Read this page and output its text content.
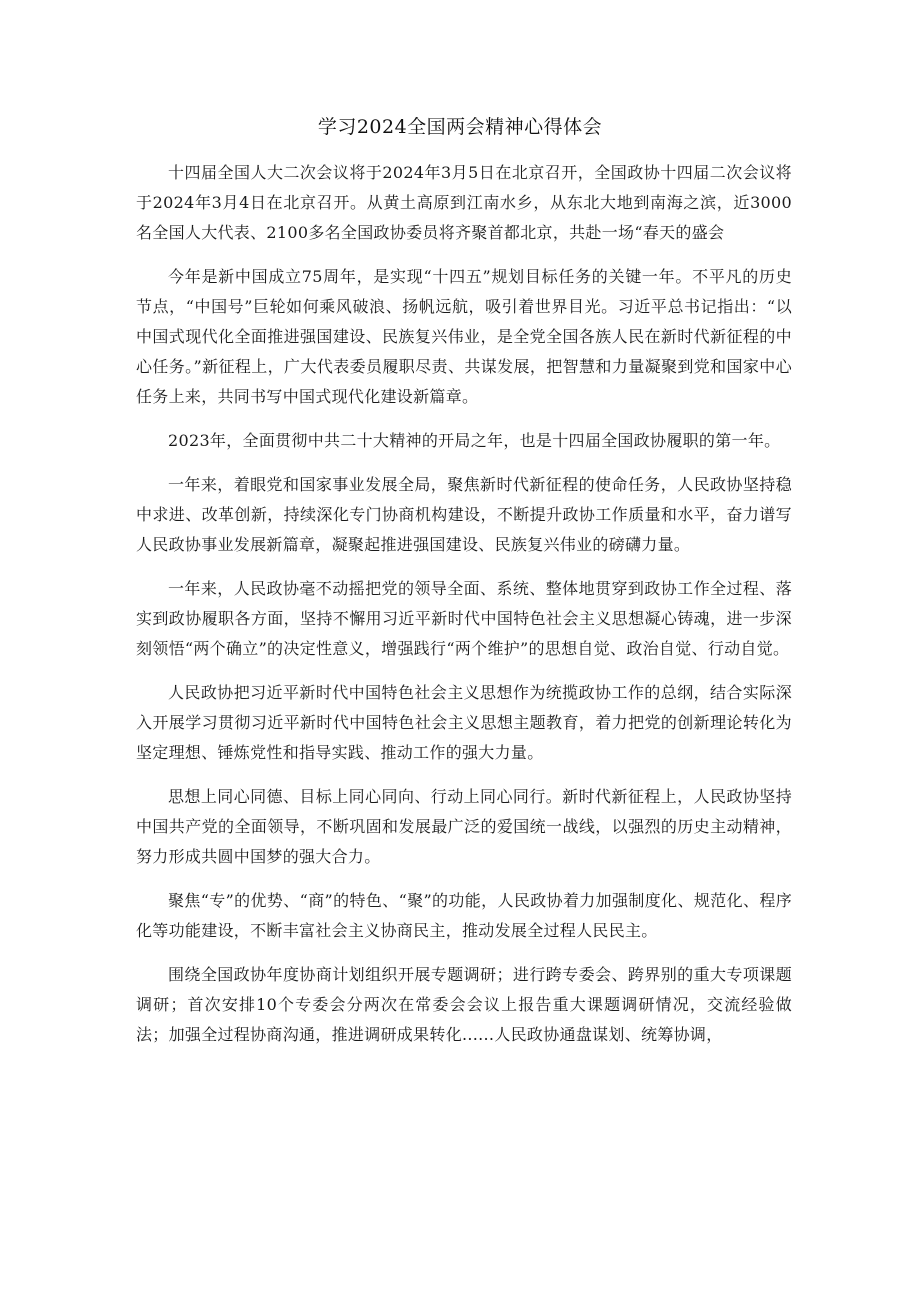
学习2024全国两会精神心得体会

十四届全国人大二次会议将于2024年3月5日在北京召开，全国政协十四届二次会议将于2024年3月4日在北京召开。从黄土高原到江南水乡，从东北大地到南海之滨，近3000名全国人大代表、2100多名全国政协委员将齐聚首都北京，共赴一场“春天的盛会

今年是新中国成立75周年，是实现“十四五”规划目标任务的关键一年。不平凡的历史节点，“中国号”巨轮如何乘风破浪、扬帆远航，吸引着世界目光。习近平总书记指出：“以中国式现代化全面推进强国建设、民族复兴伟业，是全党全国各族人民在新时代新征程的中心任务。”新征程上，广大代表委员履职尽责、共谋发展，把智慧和力量凝聚到党和国家中心任务上来，共同书写中国式现代化建设新篇章。

2023年，全面贯彻中共二十大精神的开局之年，也是十四届全国政协履职的第一年。

一年来，着眼党和国家事业发展全局，聚焦新时代新征程的使命任务，人民政协坚持稳中求进、改革创新，持续深化专门协商机构建设，不断提升政协工作质量和水平，奋力谱写人民政协事业发展新篇章，凝聚起推进强国建设、民族复兴伟业的磅礴力量。

一年来，人民政协毫不动摇把党的领导全面、系统、整体地贯穿到政协工作全过程、落实到政协履职各方面，坚持不懈用习近平新时代中国特色社会主义思想凝心铸魂，进一步深刻领悟“两个确立”的决定性意义，增强践行“两个维护”的思想自觉、政治自觉、行动自觉。

人民政协把习近平新时代中国特色社会主义思想作为统揽政协工作的总纲，结合实际深入开展学习贯彻习近平新时代中国特色社会主义思想主题教育，着力把党的创新理论转化为坚定理想、锤炼党性和指导实践、推动工作的强大力量。

思想上同心同德、目标上同心同向、行动上同心同行。新时代新征程上，人民政协坚持中国共产党的全面领导，不断巩固和发展最广泛的爱国统一战线，以强烈的历史主动精神，努力形成共圆中国梦的强大合力。

聚焦“专”的优势、“商”的特色、“聚”的功能，人民政协着力加强制度化、规范化、程序化等功能建设，不断丰富社会主义协商民主，推动发展全过程人民民主。

围绕全国政协年度协商计划组织开展专题调研；进行跨专委会、跨界别的重大专项课题调研；首次安排10个专委会分两次在常委会会议上报告重大课题调研情况，交流经验做法；加强全过程协商沟通，推进调研成果转化......人民政协通盘谋划、统筹协调，
